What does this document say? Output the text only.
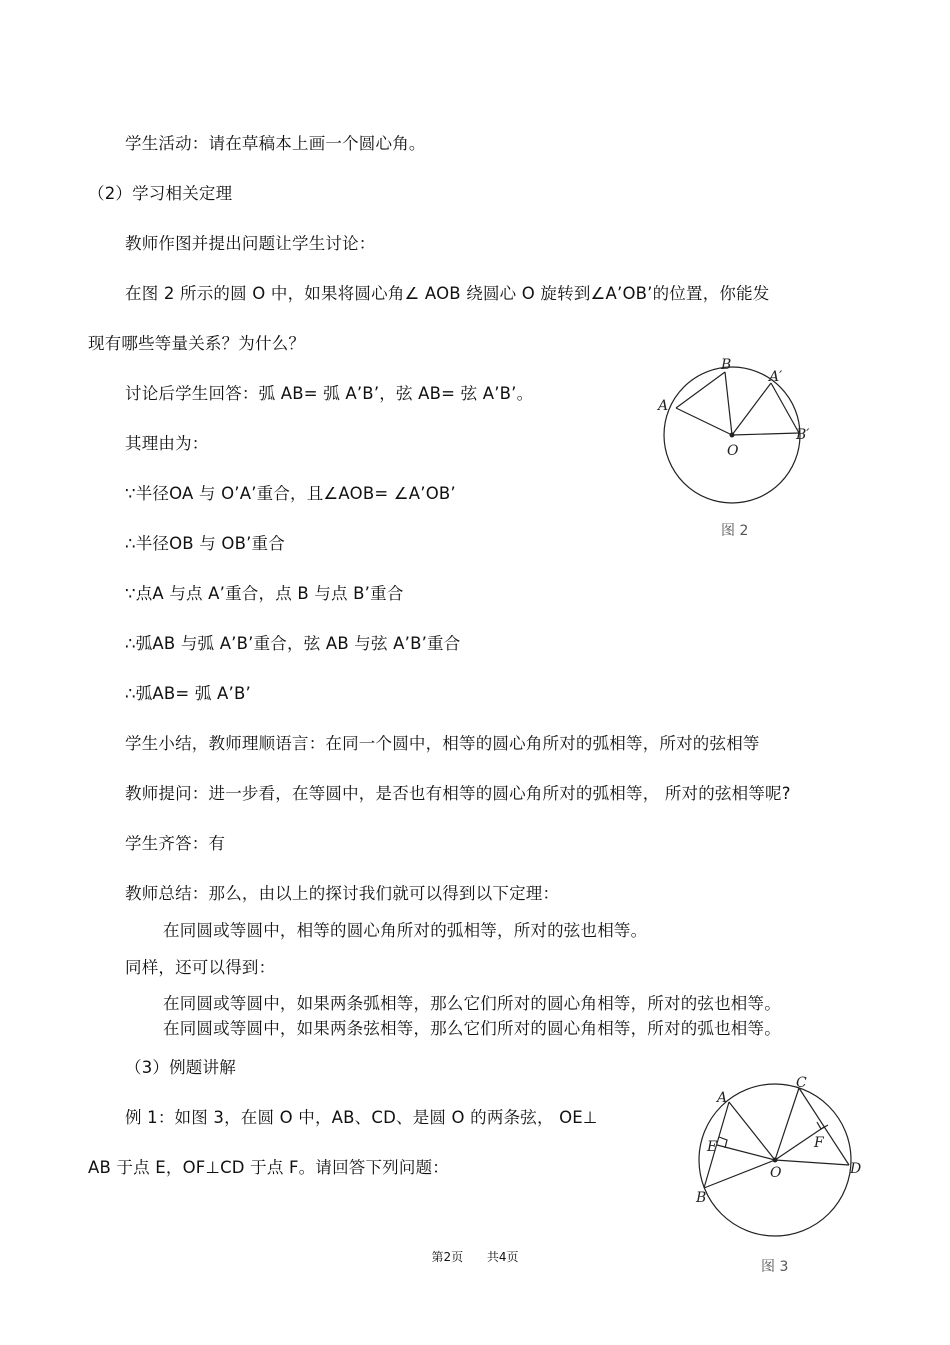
学生活动：请在草稿本上画一个圆心角。
（2）学习相关定理
教师作图并提出问题让学生讨论：
在图 2 所示的圆 O 中，如果将圆心角∠ AOB 绕圆心 O 旋转到∠A’OB’的位置，你能发
现有哪些等量关系？为什么？
讨论后学生回答：弧 AB= 弧 A’B’，弦 AB= 弦 A’B’。
其理由为：
∵半径OA 与 O’A’重合，且∠AOB= ∠A’OB’
∴半径OB 与 OB’重合
∵点A 与点 A’重合，点 B 与点 B’重合
∴弧AB 与弧 A’B’重合，弦 AB 与弦 A’B’重合
∴弧AB= 弧 A’B’
学生小结，教师理顺语言：在同一个圆中，相等的圆心角所对的弧相等，所对的弦相等
教师提问：进一步看，在等圆中，是否也有相等的圆心角所对的弧相等， 所对的弦相等呢?
学生齐答：有
教师总结：那么，由以上的探讨我们就可以得到以下定理：
在同圆或等圆中，相等的圆心角所对的弧相等，所对的弦也相等。
同样，还可以得到：
在同圆或等圆中，如果两条弧相等，那么它们所对的圆心角相等，所对的弦也相等。
在同圆或等圆中，如果两条弦相等，那么它们所对的圆心角相等，所对的弧也相等。
（3）例题讲解
例 1：如图 3，在圆 O 中，AB、CD、是圆 O 的两条弦， OE⊥
AB 于点 E，OF⊥CD 于点 F。请回答下列问题：
A
B
A′
B′
O
图 2
A
B
C
D
E	F
O
图 3
第2页 共4页
